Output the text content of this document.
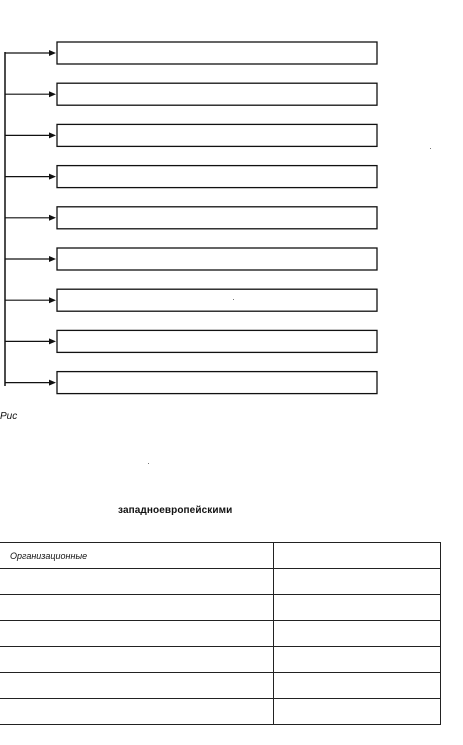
Рис
западноевропейскими
Организационные	
